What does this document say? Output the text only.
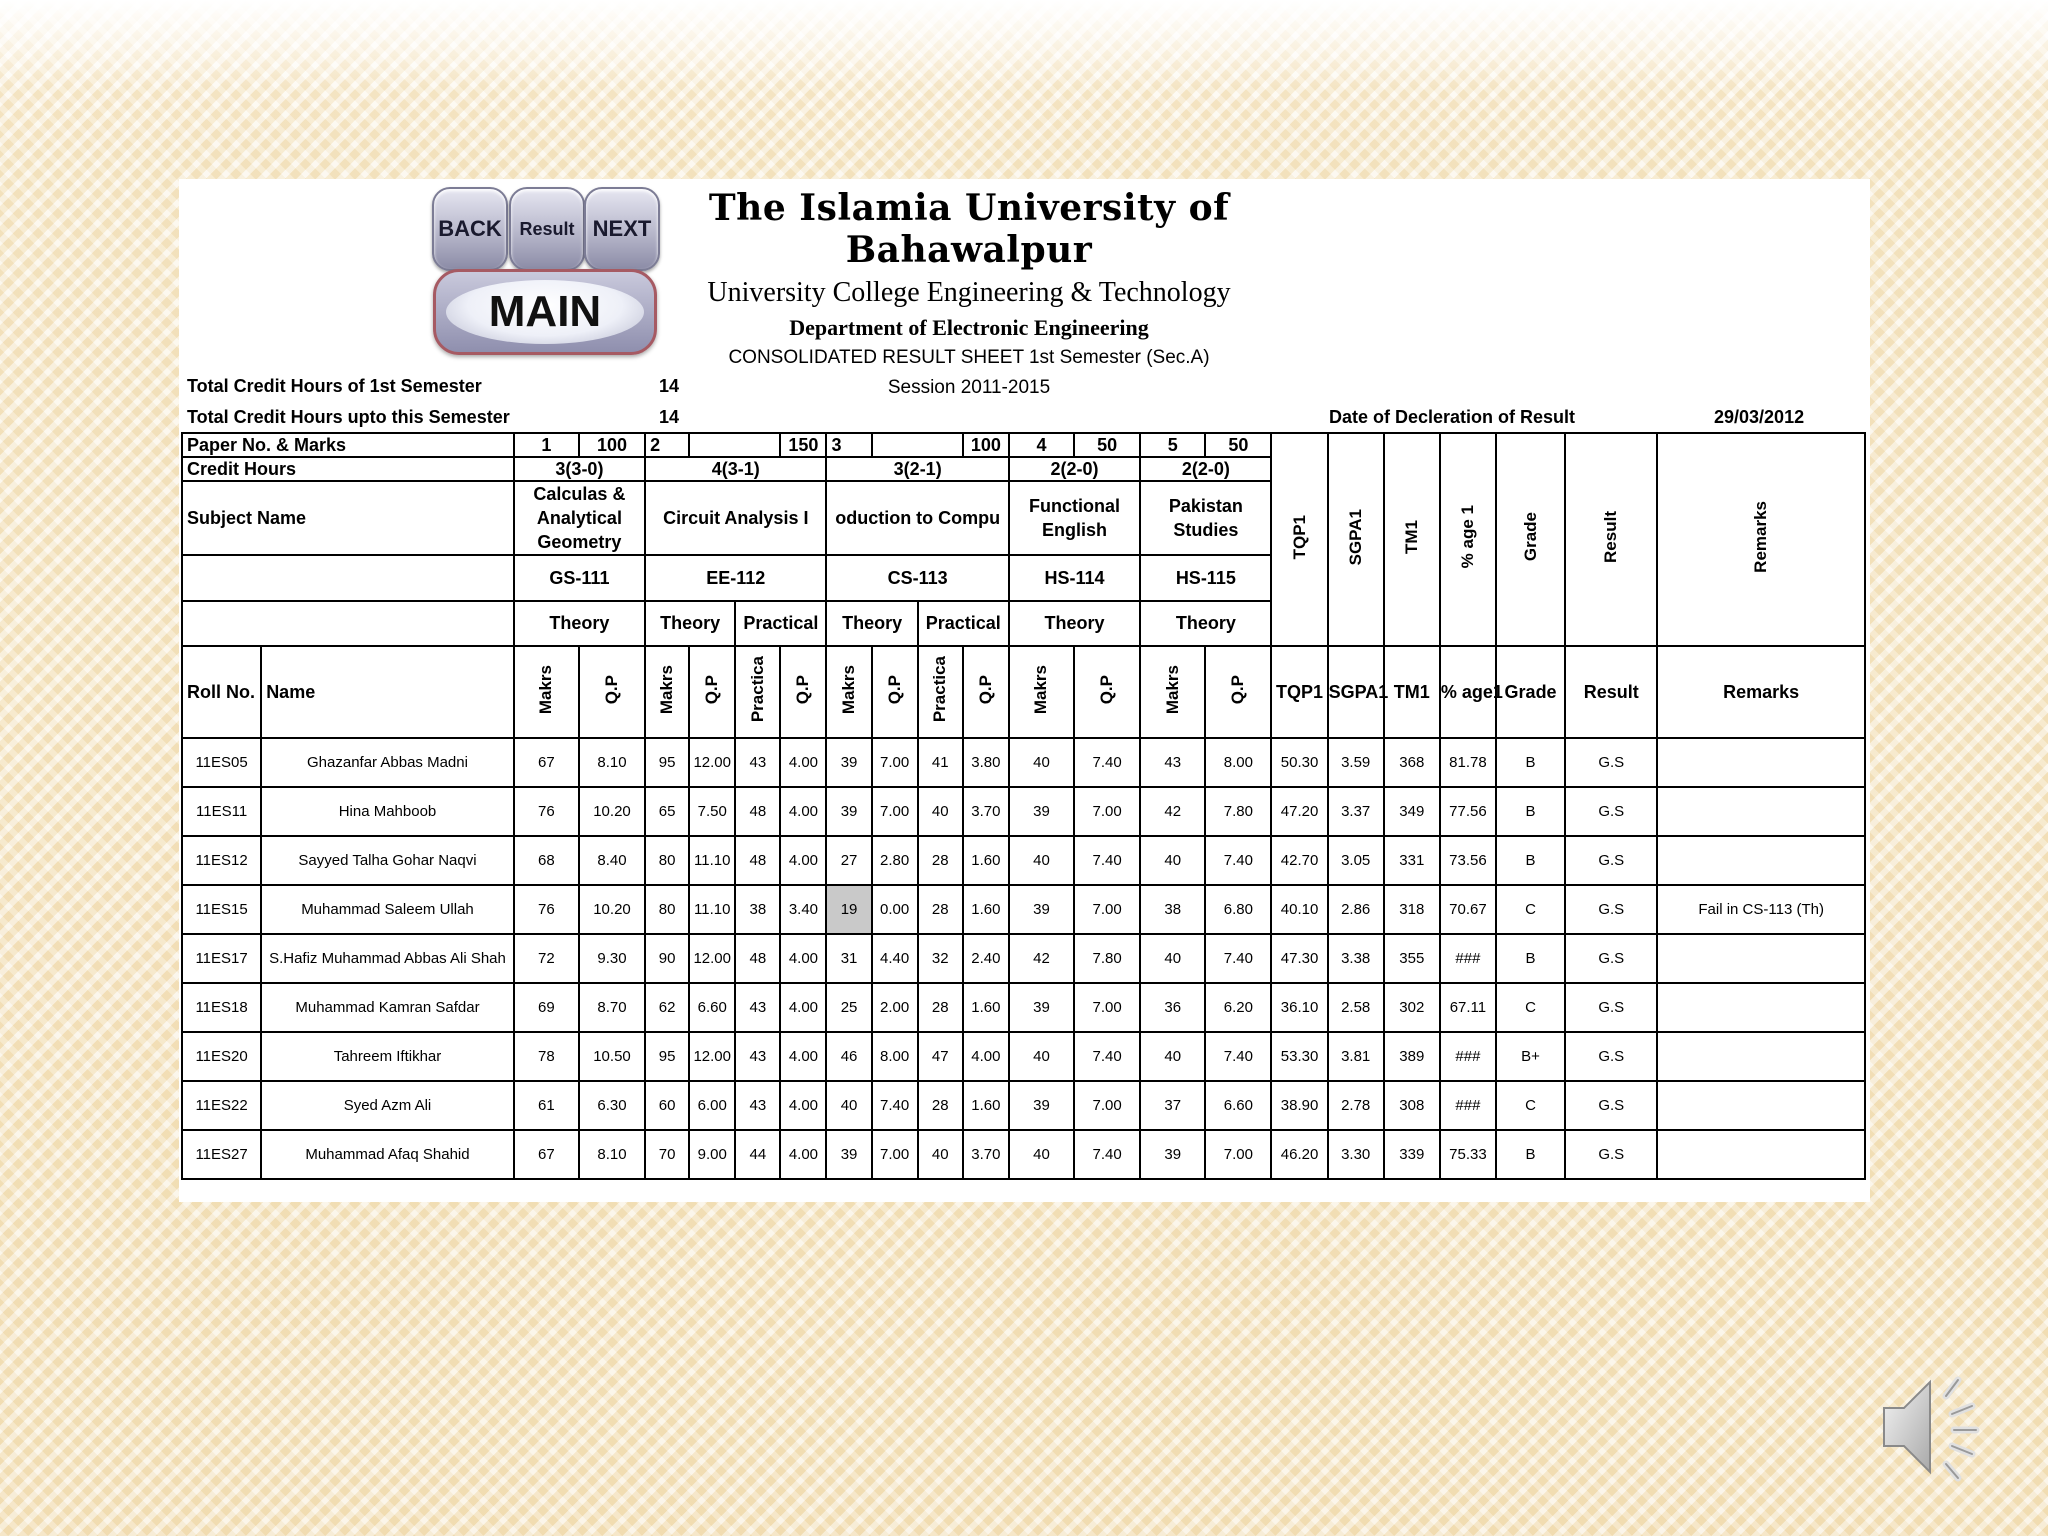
BACK Result NEXT
MAIN
The Islamia University of Bahawalpur
University College Engineering & Technology
Department of Electronic Engineering
CONSOLIDATED RESULT SHEET 1st Semester (Sec.A)
Session 2011-2015
Total Credit Hours of 1st Semester	14
Total Credit Hours upto this Semester	14	Date of Decleration of Result	29/03/2012
Paper No. & Marks		1	100	2			150	3			100	4	50	5	50	TQP1	SGPA1	TM1	% age 1	Grade	Result	Remarks
Credit Hours		3(3-0)		4(3-1)				3(2-1)				2(2-0)		2(2-0)								
Subject Name		Calculas & Analytical Geometry		Circuit Analysis I				oduction to Compu				Functional English		Pakistan Studies								
		GS-111		EE-112				CS-113				HS-114		HS-115								
		Theory		Theory		Practical		Theory		Practical		Theory		Theory								
Roll No.	Name	Makrs	Q.P	Makrs	Q.P	Practica	Q.P	Makrs	Q.P	Practica	Q.P	Makrs	Q.P	Makrs	Q.P	TQP1	SGPA1	TM1	% age1	Grade	Result	Remarks
11ES05	Ghazanfar Abbas Madni	67	8.10	95	12.00	43	4.00	39	7.00	41	3.80	40	7.40	43	8.00	50.30	3.59	368	81.78	B	G.S	
11ES11	Hina Mahboob	76	10.20	65	7.50	48	4.00	39	7.00	40	3.70	39	7.00	42	7.80	47.20	3.37	349	77.56	B	G.S	
11ES12	Sayyed Talha Gohar Naqvi	68	8.40	80	11.10	48	4.00	27	2.80	28	1.60	40	7.40	40	7.40	42.70	3.05	331	73.56	B	G.S	
11ES15	Muhammad Saleem Ullah	76	10.20	80	11.10	38	3.40	19	0.00	28	1.60	39	7.00	38	6.80	40.10	2.86	318	70.67	C	G.S	Fail in CS-113 (Th)
11ES17	S.Hafiz Muhammad Abbas Ali Shah	72	9.30	90	12.00	48	4.00	31	4.40	32	2.40	42	7.80	40	7.40	47.30	3.38	355	###	B	G.S	
11ES18	Muhammad Kamran Safdar	69	8.70	62	6.60	43	4.00	25	2.00	28	1.60	39	7.00	36	6.20	36.10	2.58	302	67.11	C	G.S	
11ES20	Tahreem Iftikhar	78	10.50	95	12.00	43	4.00	46	8.00	47	4.00	40	7.40	40	7.40	53.30	3.81	389	###	B+	G.S	
11ES22	Syed Azm Ali	61	6.30	60	6.00	43	4.00	40	7.40	28	1.60	39	7.00	37	6.60	38.90	2.78	308	###	C	G.S	
11ES27	Muhammad Afaq Shahid	67	8.10	70	9.00	44	4.00	39	7.00	40	3.70	40	7.40	39	7.00	46.20	3.30	339	75.33	B	G.S	
